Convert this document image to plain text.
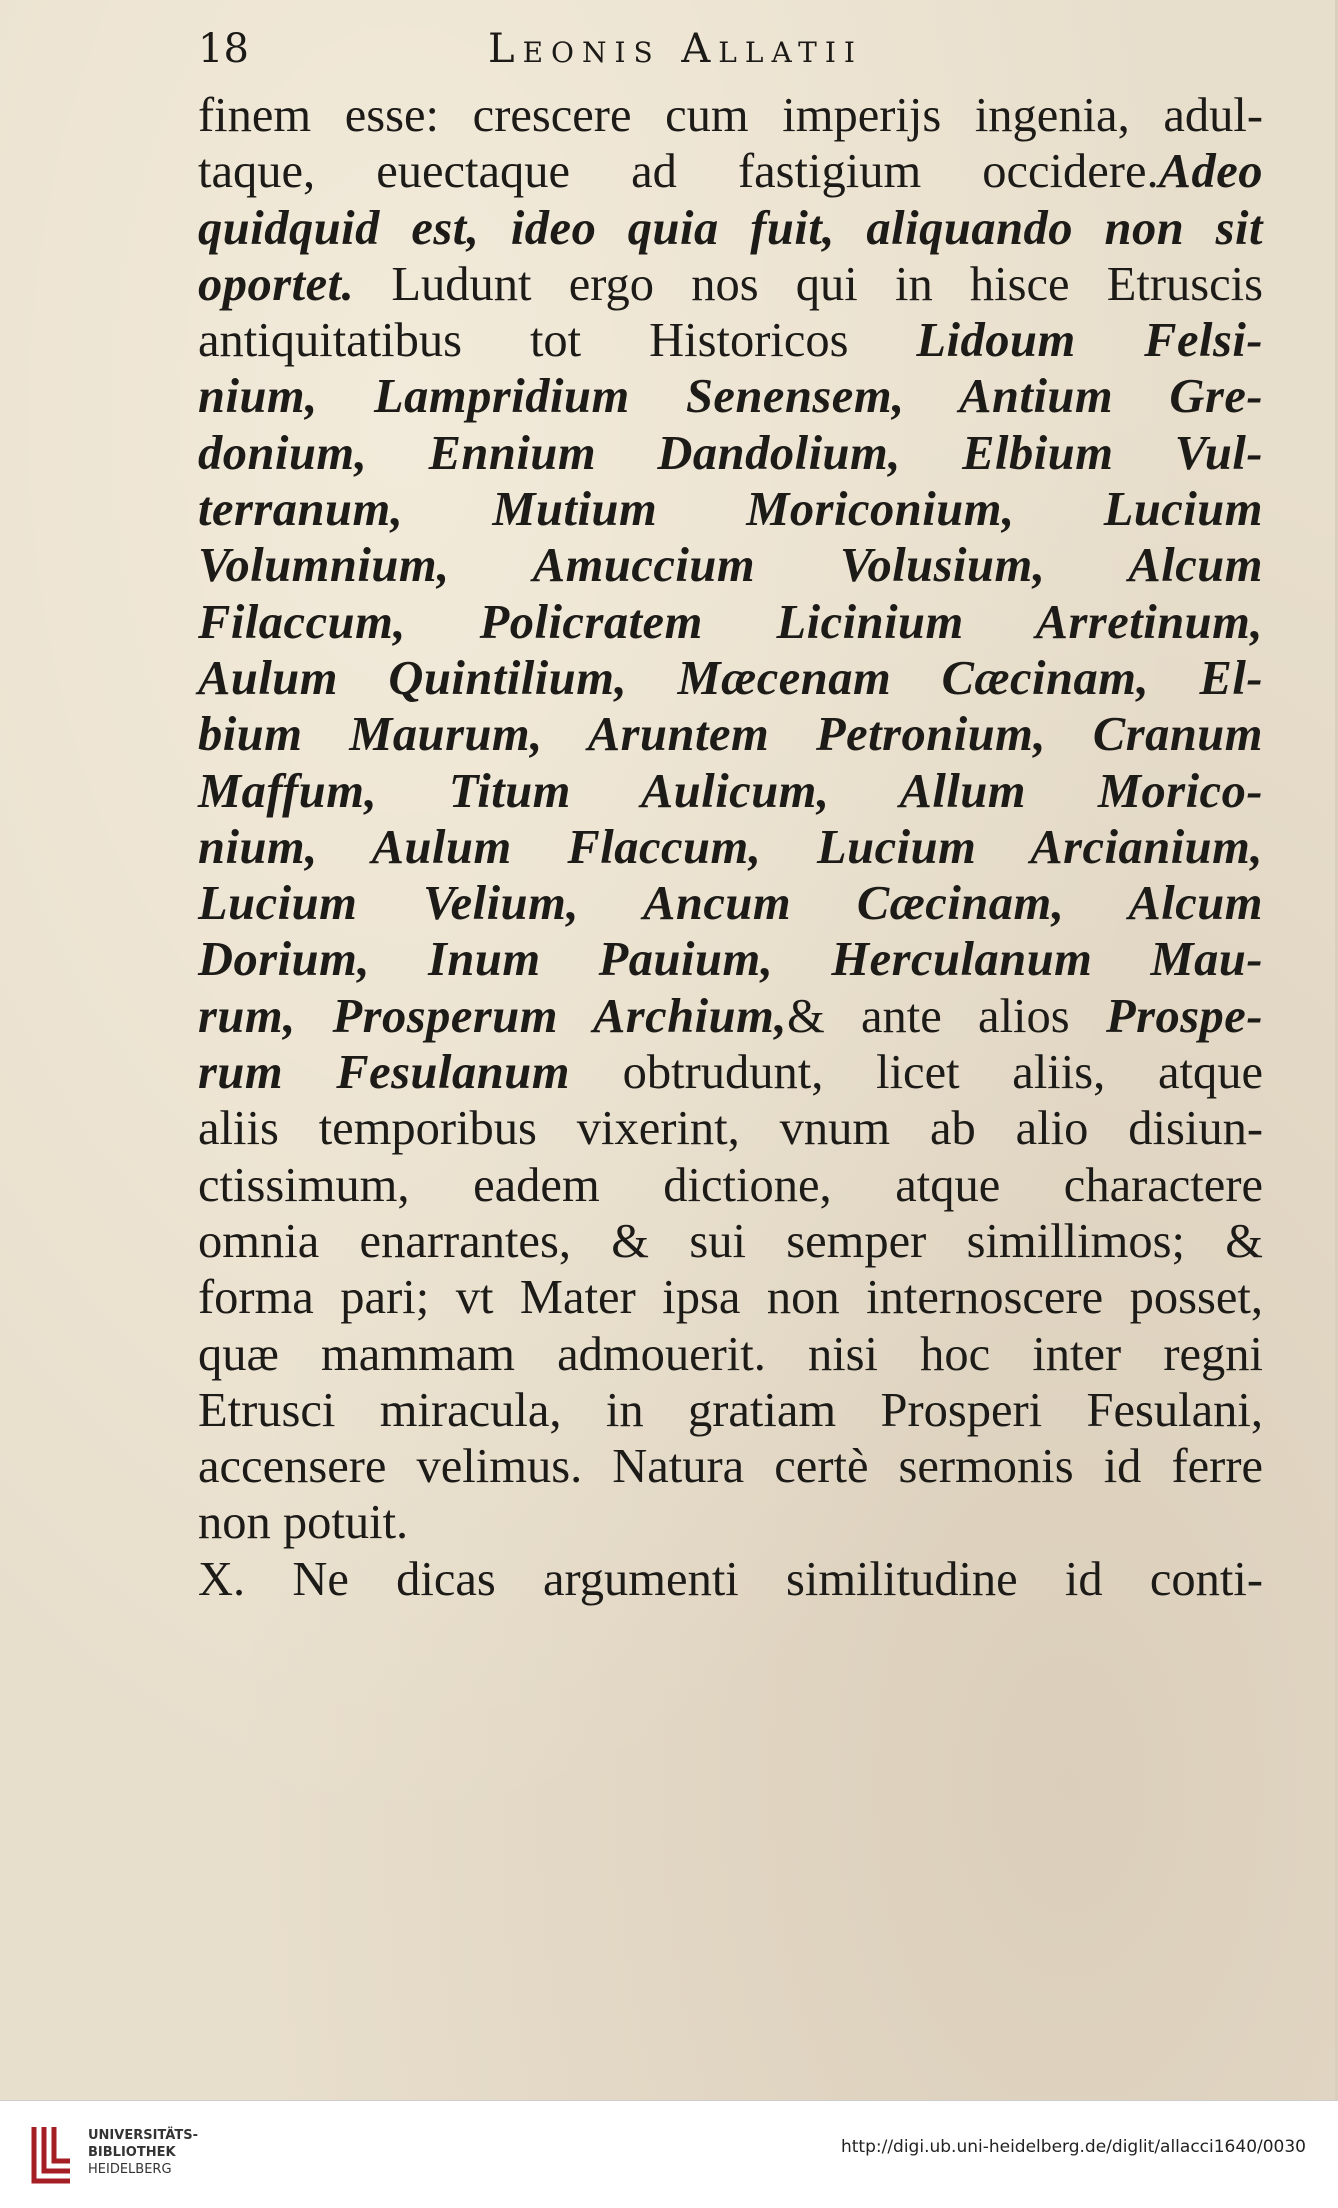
18	Leonis Allatii
finem esse: crescere cum imperijs ingenia, adul-
taque, euectaque ad fastigium occidere.Adeo
quidquid est, ideo quia fuit, aliquando non sit
oportet. Ludunt ergo nos qui in hisce Etruscis
antiquitatibus tot Historicos Lidoum Felsi-
nium, Lampridium Senensem, Antium Gre-
donium, Ennium Dandolium, Elbium Vul-
terranum, Mutium Moriconium, Lucium
Volumnium, Amuccium Volusium, Alcum
Filaccum, Policratem Licinium Arretinum,
Aulum Quintilium, Mæcenam Cæcinam, El-
bium Maurum, Aruntem Petronium, Cranum
Maffum, Titum Aulicum, Allum Morico-
nium, Aulum Flaccum, Lucium Arcianium,
Lucium Velium, Ancum Cæcinam, Alcum
Dorium, Inum Pauium, Herculanum Mau-
rum, Prosperum Archium,& ante alios Prospe-
rum Fesulanum obtrudunt, licet aliis, atque
aliis temporibus vixerint, vnum ab alio disiun-
ctissimum, eadem dictione, atque charactere
omnia enarrantes, & sui semper simillimos; &
forma pari; vt Mater ipsa non internoscere posset,
quæ mammam admouerit. nisi hoc inter regni
Etrusci miracula, in gratiam Prosperi Fesulani,
accensere velimus. Natura certè sermonis id ferre
non potuit.
X. Ne dicas argumenti similitudine id conti-
UNIVERSITÄTS-
BIBLIOTHEK
HEIDELBERG
http://digi.ub.uni-heidelberg.de/diglit/allacci1640/0030
